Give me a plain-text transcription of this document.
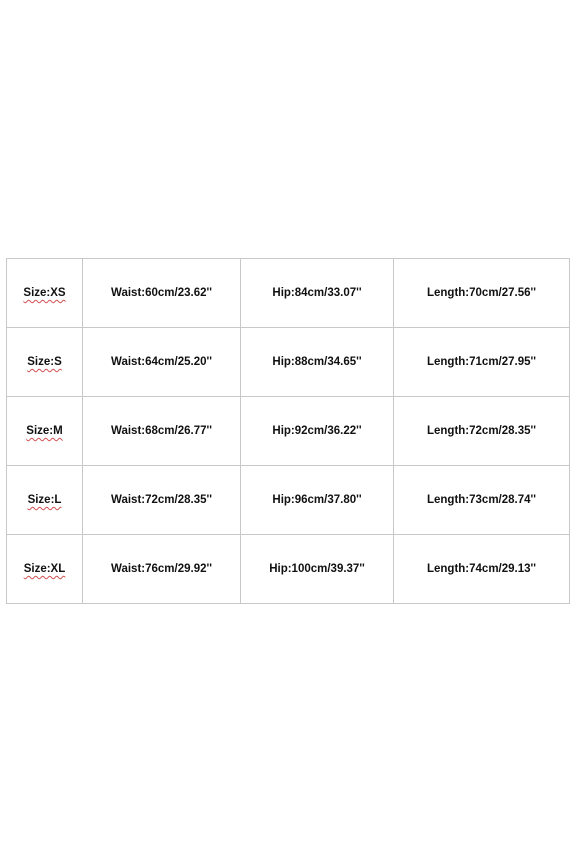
Size:XS	Waist:60cm/23.62''	Hip:84cm/33.07''	Length:70cm/27.56''
Size:S	Waist:64cm/25.20''	Hip:88cm/34.65''	Length:71cm/27.95''
Size:M	Waist:68cm/26.77''	Hip:92cm/36.22''	Length:72cm/28.35''
Size:L	Waist:72cm/28.35''	Hip:96cm/37.80''	Length:73cm/28.74''
Size:XL	Waist:76cm/29.92''	Hip:100cm/39.37''	Length:74cm/29.13''
